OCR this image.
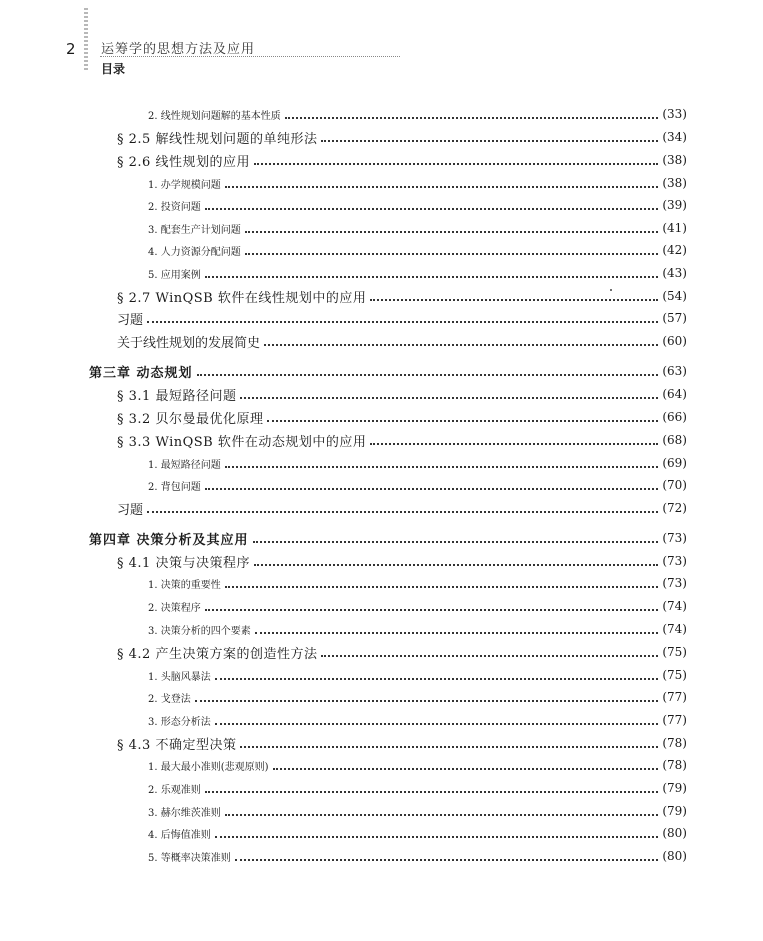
2 运筹学的思想方法及应用
目录
2. 线性规划问题解的基本性质	(33)
§ 2.5 解线性规划问题的单纯形法	(34)
§ 2.6 线性规划的应用	(38)
1. 办学规模问题	(38)
2. 投资问题	(39)
3. 配套生产计划问题	(41)
4. 人力资源分配问题	(42)
5. 应用案例	(43)
§ 2.7 WinQSB 软件在线性规划中的应用	(54)
习题	(57)
关于线性规划的发展简史	(60)
第三章 动态规划	(63)
§ 3.1 最短路径问题	(64)
§ 3.2 贝尔曼最优化原理	(66)
§ 3.3 WinQSB 软件在动态规划中的应用	(68)
1. 最短路径问题	(69)
2. 背包问题	(70)
习题	(72)
第四章 决策分析及其应用	(73)
§ 4.1 决策与决策程序	(73)
1. 决策的重要性	(73)
2. 决策程序	(74)
3. 决策分析的四个要素	(74)
§ 4.2 产生决策方案的创造性方法	(75)
1. 头脑风暴法	(75)
2. 戈登法	(77)
3. 形态分析法	(77)
§ 4.3 不确定型决策	(78)
1. 最大最小准则(悲观原则)	(78)
2. 乐观准则	(79)
3. 赫尔维茨准则	(79)
4. 后悔值准则	(80)
5. 等概率决策准则	(80)
